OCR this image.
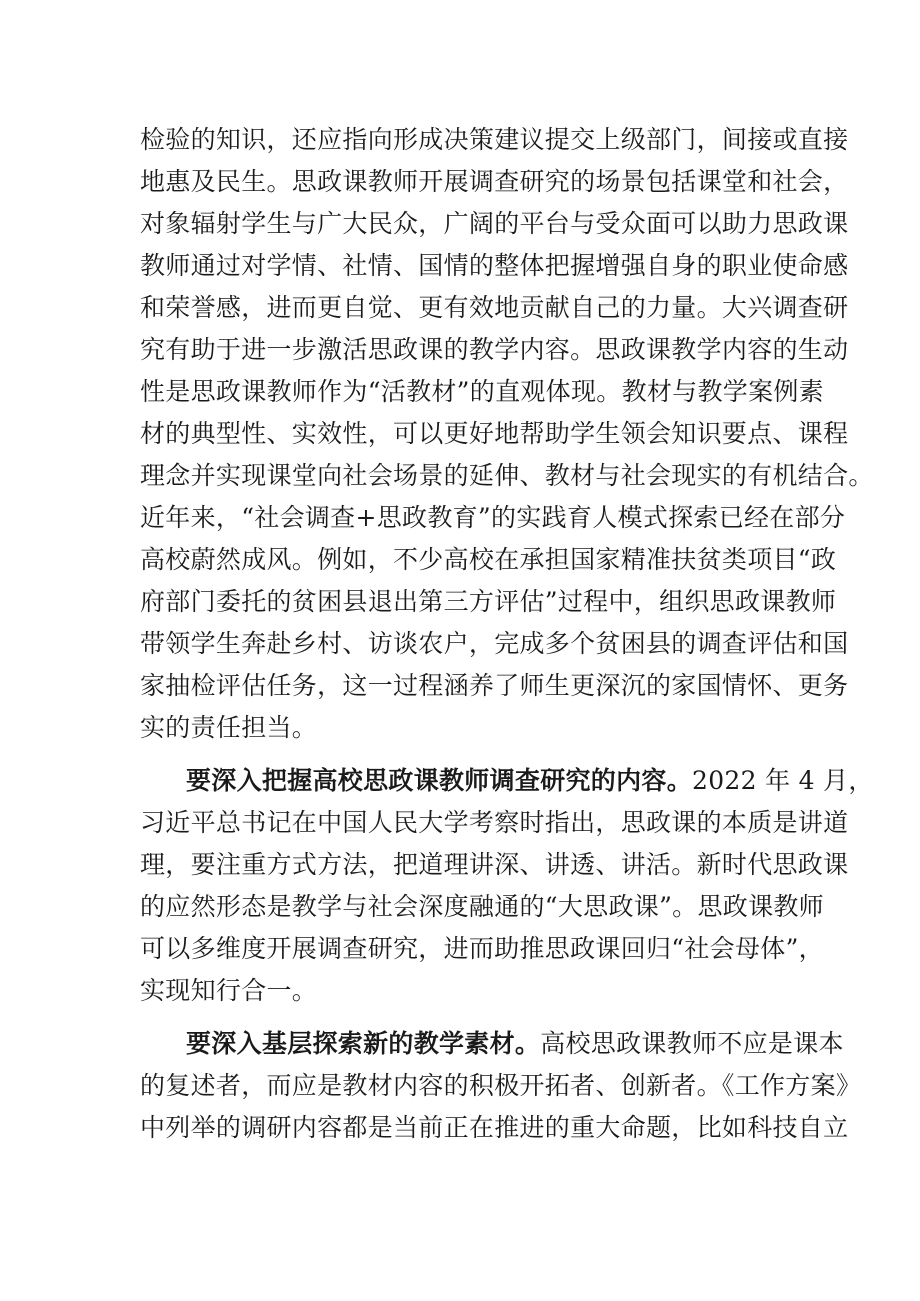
检验的知识，还应指向形成决策建议提交上级部门，间接或直接
地惠及民生。思政课教师开展调查研究的场景包括课堂和社会，
对象辐射学生与广大民众，广阔的平台与受众面可以助力思政课
教师通过对学情、社情、国情的整体把握增强自身的职业使命感
和荣誉感，进而更自觉、更有效地贡献自己的力量。大兴调查研
究有助于进一步激活思政课的教学内容。思政课教学内容的生动
性是思政课教师作为“活教材”的直观体现。教材与教学案例素
材的典型性、实效性，可以更好地帮助学生领会知识要点、课程
理念并实现课堂向社会场景的延伸、教材与社会现实的有机结合。
近年来，“社会调查+思政教育”的实践育人模式探索已经在部分
高校蔚然成风。例如，不少高校在承担国家精准扶贫类项目“政
府部门委托的贫困县退出第三方评估”过程中，组织思政课教师
带领学生奔赴乡村、访谈农户，完成多个贫困县的调查评估和国
家抽检评估任务，这一过程涵养了师生更深沉的家国情怀、更务
实的责任担当。
要深入把握高校思政课教师调查研究的内容。2022 年 4 月，
习近平总书记在中国人民大学考察时指出，思政课的本质是讲道
理，要注重方式方法，把道理讲深、讲透、讲活。新时代思政课
的应然形态是教学与社会深度融通的“大思政课”。思政课教师
可以多维度开展调查研究，进而助推思政课回归“社会母体”，
实现知行合一。
要深入基层探索新的教学素材。高校思政课教师不应是课本
的复述者，而应是教材内容的积极开拓者、创新者。《工作方案》
中列举的调研内容都是当前正在推进的重大命题，比如科技自立
